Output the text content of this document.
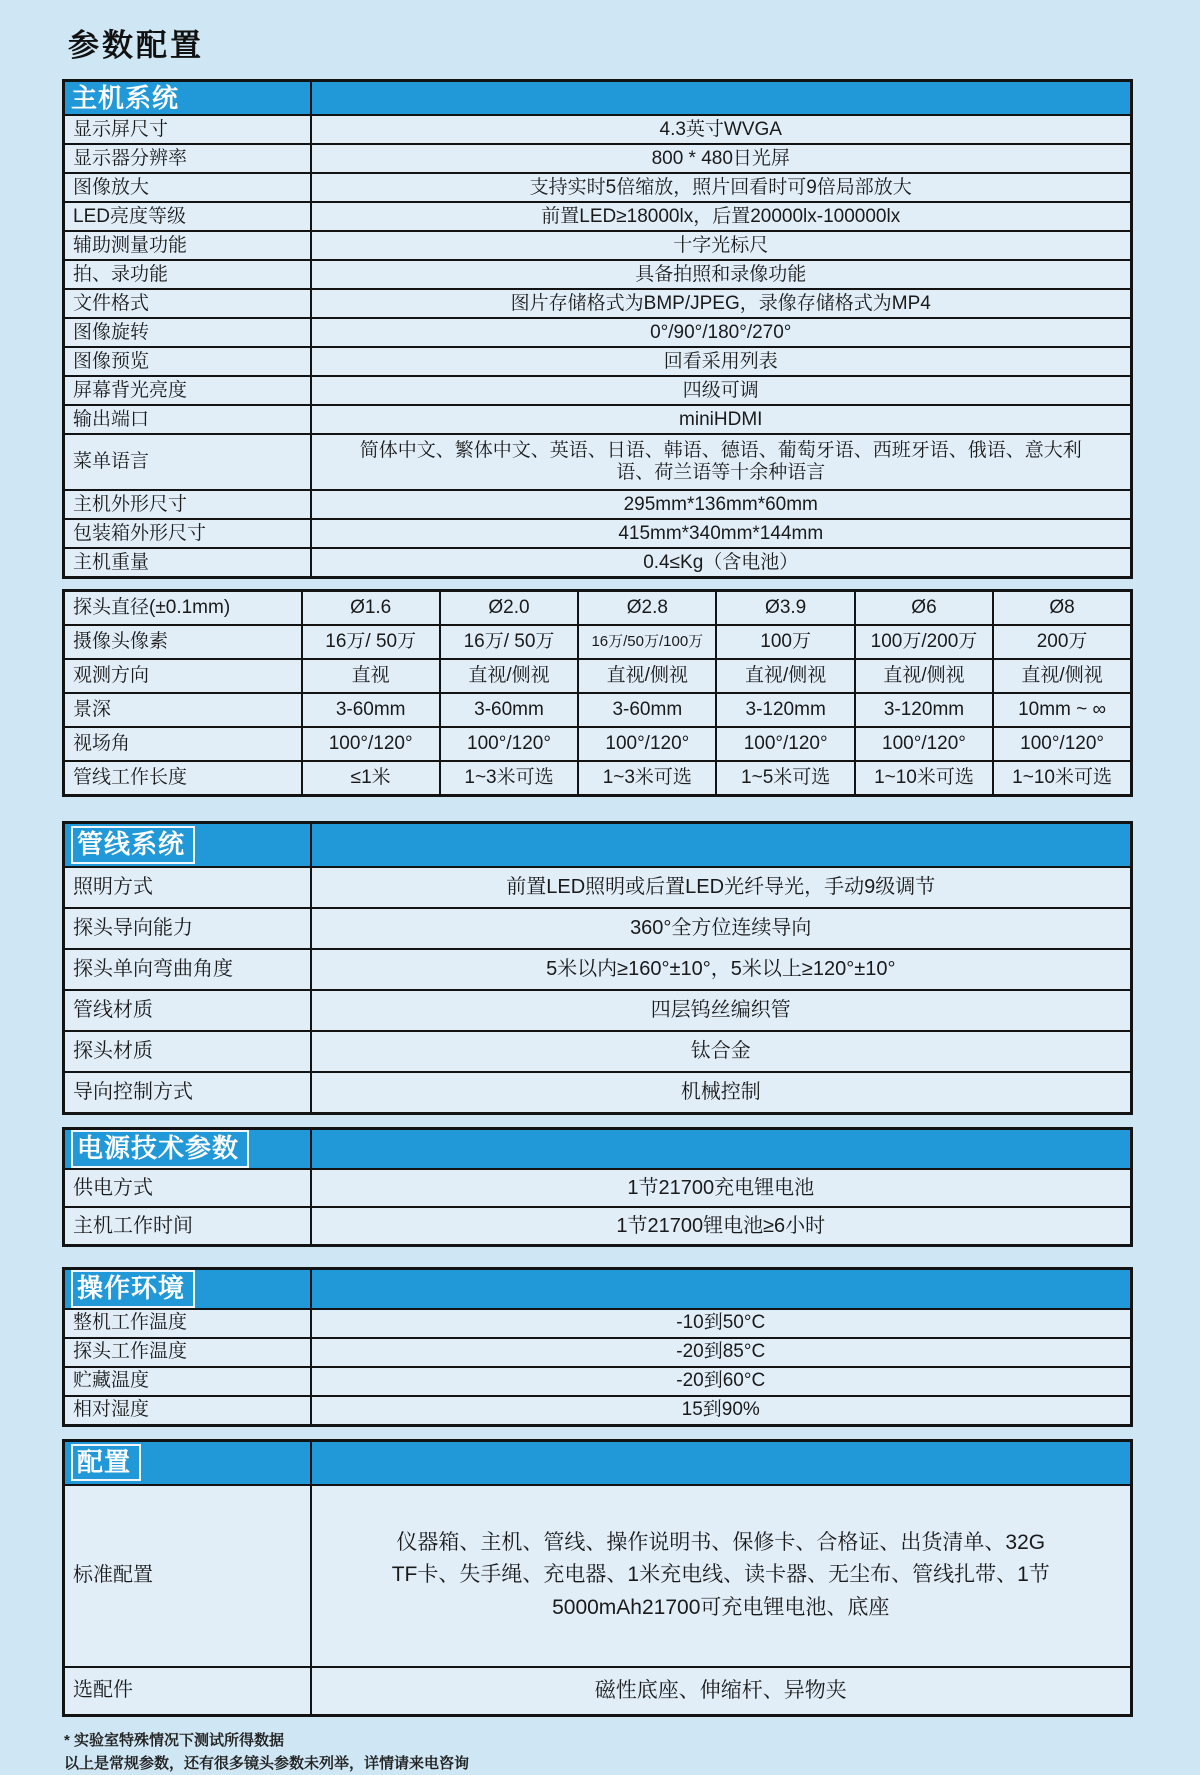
参数配置
主机系统	
显示屏尺寸	4.3英寸WVGA
显示器分辨率	800 * 480日光屏
图像放大	支持实时5倍缩放，照片回看时可9倍局部放大
LED亮度等级	前置LED≥18000lx，后置20000lx-100000lx
辅助测量功能	十字光标尺
拍、录功能	具备拍照和录像功能
文件格式	图片存储格式为BMP/JPEG，录像存储格式为MP4
图像旋转	0°/90°/180°/270°
图像预览	回看采用列表
屏幕背光亮度	四级可调
输出端口	miniHDMI
菜单语言	简体中文、繁体中文、英语、日语、韩语、德语、葡萄牙语、西班牙语、俄语、意大利语、荷兰语等十余种语言
主机外形尺寸	295mm*136mm*60mm
包装箱外形尺寸	415mm*340mm*144mm
主机重量	0.4≤Kg（含电池）
探头直径(±0.1mm)	Ø1.6	Ø2.0	Ø2.8	Ø3.9	Ø6	Ø8
摄像头像素	16万/ 50万	16万/ 50万	16万/50万/100万	100万	100万/200万	200万
观测方向	直视	直视/侧视	直视/侧视	直视/侧视	直视/侧视	直视/侧视
景深	3-60mm	3-60mm	3-60mm	3-120mm	3-120mm	10mm ~ ∞
视场角	100°/120°	100°/120°	100°/120°	100°/120°	100°/120°	100°/120°
管线工作长度	≤1米	1~3米可选	1~3米可选	1~5米可选	1~10米可选	1~10米可选
管线系统	
照明方式	前置LED照明或后置LED光纤导光，手动9级调节
探头导向能力	360°全方位连续导向
探头单向弯曲角度	5米以内≥160°±10°，5米以上≥120°±10°
管线材质	四层钨丝编织管
探头材质	钛合金
导向控制方式	机械控制
电源技术参数	
供电方式	1节21700充电锂电池
主机工作时间	1节21700锂电池≥6小时
操作环境	
整机工作温度	-10到50°C
探头工作温度	-20到85°C
贮藏温度	-20到60°C
相对湿度	15到90%
配置	
标准配置	仪器箱、主机、管线、操作说明书、保修卡、合格证、出货清单、32G TF卡、失手绳、充电器、1米充电线、读卡器、无尘布、管线扎带、1节5000mAh21700可充电锂电池、底座
选配件	磁性底座、伸缩杆、异物夹
* 实验室特殊情况下测试所得数据
以上是常规参数，还有很多镜头参数未列举，详情请来电咨询
